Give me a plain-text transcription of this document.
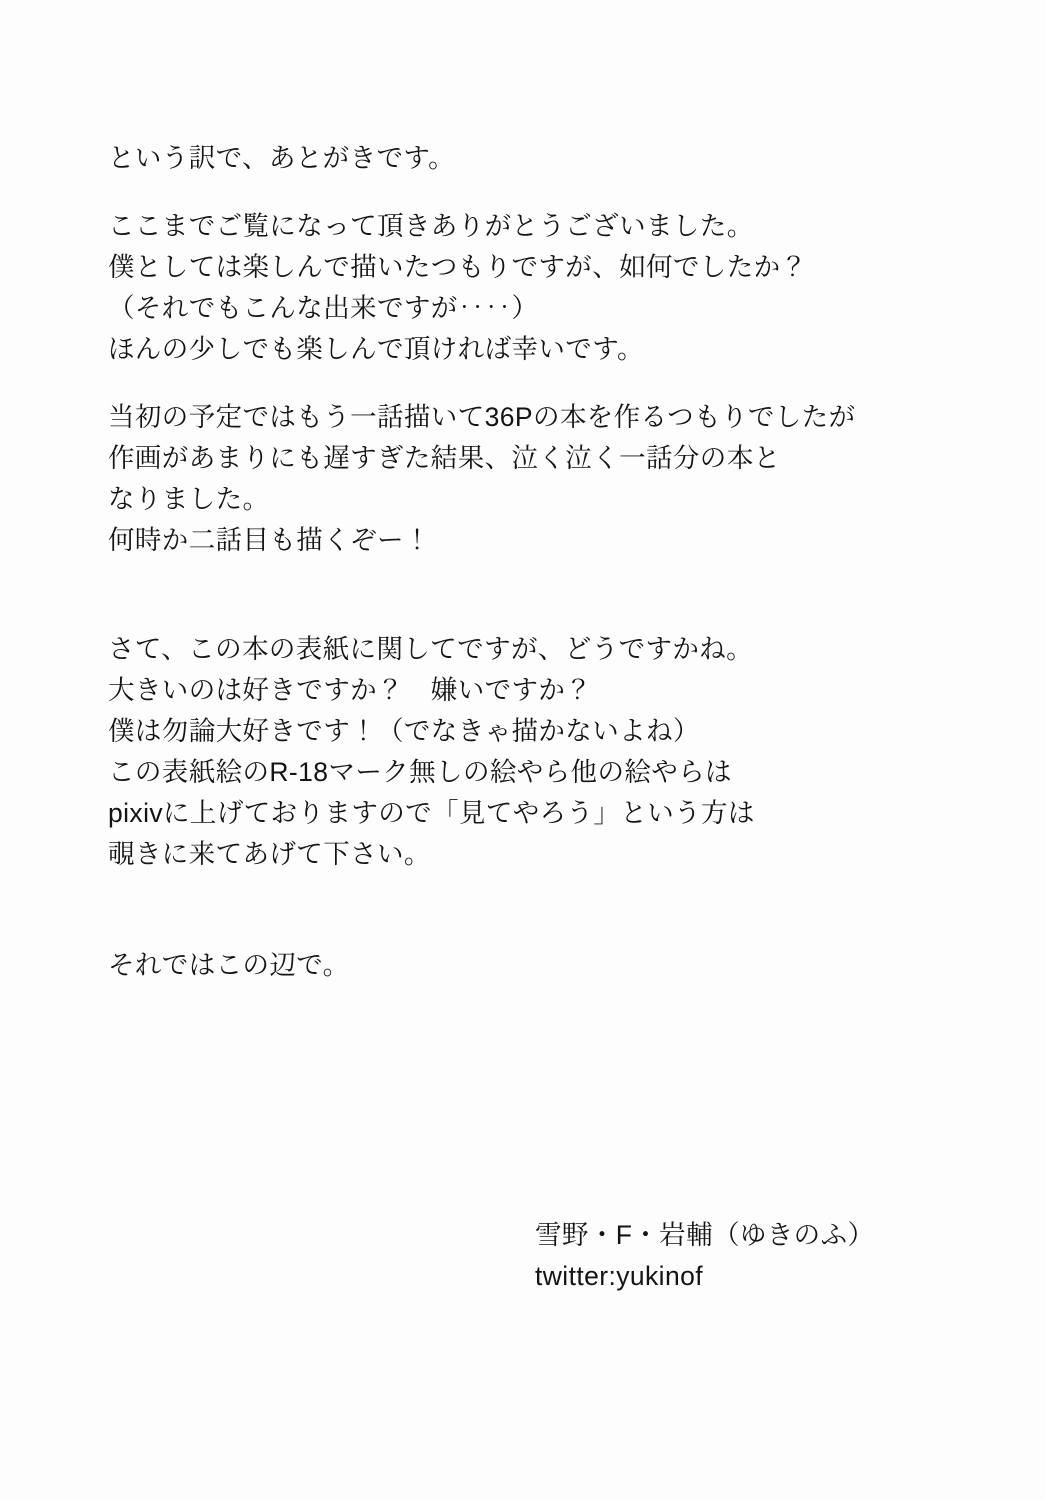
という訳で、あとがきです。

ここまでご覧になって頂きありがとうございました。

僕としては楽しんで描いたつもりですが、如何でしたか？

（それでもこんな出来ですが‥‥）

ほんの少しでも楽しんで頂ければ幸いです。

当初の予定ではもう一話描いて36Pの本を作るつもりでしたが

作画があまりにも遅すぎた結果、泣く泣く一話分の本と

なりました。

何時か二話目も描くぞー！

さて、この本の表紙に関してですが、どうですかね。

大きいのは好きですか？　嫌いですか？

僕は勿論大好きです！（でなきゃ描かないよね）

この表紙絵のR-18マーク無しの絵やら他の絵やらは

pixivに上げておりますので「見てやろう」という方は

覗きに来てあげて下さい。

それではこの辺で。

雪野・F・岩輔（ゆきのふ）
twitter:yukinof
